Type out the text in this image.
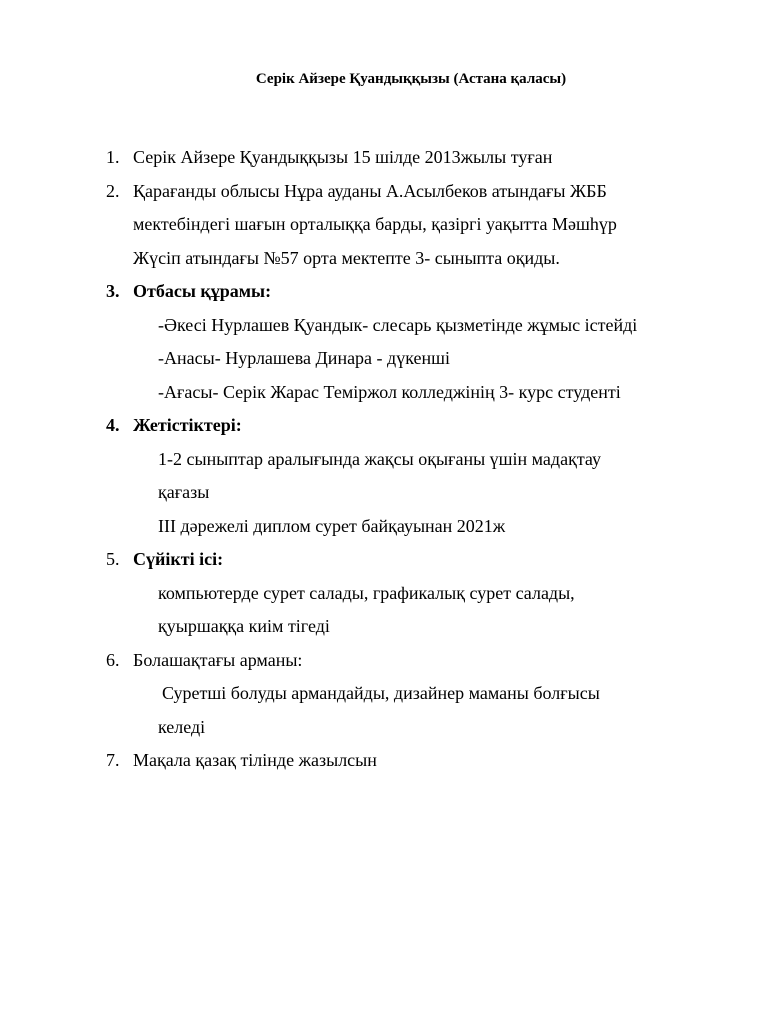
Серік Айзере Қуандыққызы (Астана қаласы)

1. Серік Айзере Қуандыққызы 15 шілде 2013жылы туған
2. Қарағанды облысы Нұра ауданы А.Асылбеков атындағы ЖББ
мектебіндегі шағын орталыққа барды, қазіргі уақытта Мәшһүр
Жүсіп атындағы №57 орта мектепте 3- сыныпта оқиды.
3. Отбасы құрамы:
-Әкесі Нурлашев Қуандык- слесарь қызметінде жұмыс істейді
-Анасы- Нурлашева Динара - дүкенші
-Ағасы- Серік Жарас Теміржол колледжінің 3- курс студенті
4. Жетістіктері:
1-2 сыныптар аралығында жақсы оқығаны үшін мадақтау
қағазы
ІІІ дәрежелі диплом сурет байқауынан 2021ж
5. Сүйікті ісі:
компьютерде сурет салады, графикалық сурет салады,
қуыршаққа киім тігеді
6. Болашақтағы арманы:
Суретші болуды армандайды, дизайнер маманы болғысы
келеді
7. Мақала қазақ тілінде жазылсын
